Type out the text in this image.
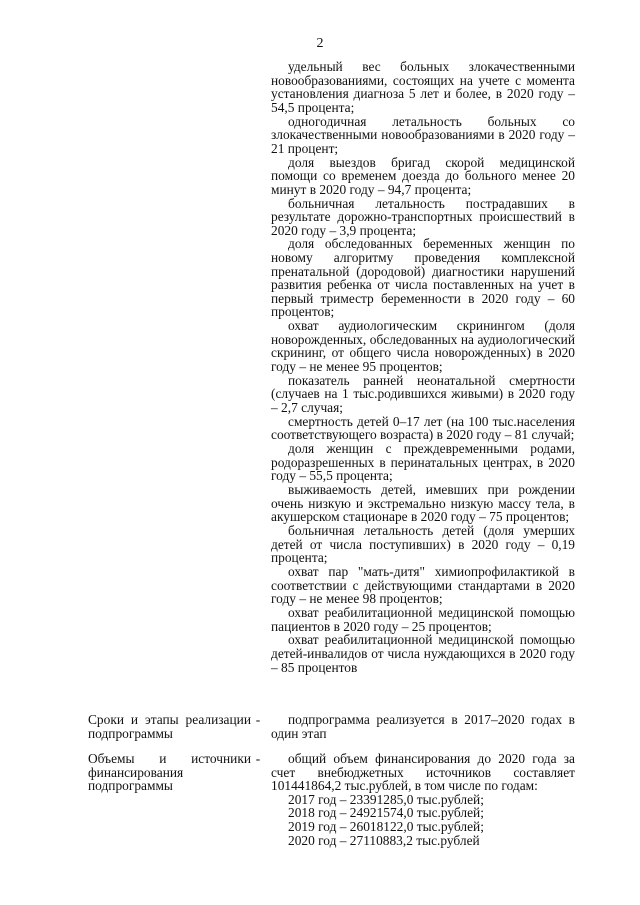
2

удельный вес больных злокачественными новообразованиями, состоящих на учете с момента установления диагноза 5 лет и более, в 2020 году – 54,5 процента;

одногодичная летальность больных со злокачественными новообразованиями в 2020 году – 21 процент;

доля выездов бригад скорой медицинской помощи со временем доезда до больного менее 20 минут в 2020 году – 94,7 процента;

больничная летальность пострадавших в результате дорожно-транспортных происшествий в 2020 году – 3,9 процента;

доля обследованных беременных женщин по новому алгоритму проведения комплексной пренатальной (дородовой) диагностики нарушений развития ребенка от числа поставленных на учет в первый триместр беременности в 2020 году – 60 процентов;

охват аудиологическим скринингом (доля новорожденных, обследованных на аудиологический скрининг, от общего числа новорожденных) в 2020 году – не менее 95 процентов;

показатель ранней неонатальной смертности (случаев на 1 тыс.родившихся живыми) в 2020 году – 2,7 случая;

смертность детей 0–17 лет (на 100 тыс.населения соответствующего возраста) в 2020 году – 81 случай;

доля женщин с преждевременными родами, родоразрешенных в перинатальных центрах, в 2020 году – 55,5 процента;

выживаемость детей, имевших при рождении очень низкую и экстремально низкую массу тела, в акушерском стационаре в 2020 году – 75 процентов;

больничная летальность детей (доля умерших детей от числа поступивших) в 2020 году – 0,19 процента;

охват пар "мать-дитя" химиопрофилактикой в соответствии с действующими стандартами в 2020 году – не менее 98 процентов;

охват реабилитационной медицинской помощью пациентов в 2020 году – 25 процентов;

охват реабилитационной медицинской помощью детей-инвалидов от числа нуждающихся в 2020 году – 85 процентов

Сроки и этапы реализации подпрограммы
-	подпрограмма реализуется в 2017–2020 годах в один этап

Объемы и источники финансирования подпрограммы
-	общий объем финансирования до 2020 года за счет внебюджетных источников составляет 101441864,2 тыс.рублей, в том числе по годам:

2017 год – 23391285,0 тыс.рублей;
2018 год – 24921574,0 тыс.рублей;
2019 год – 26018122,0 тыс.рублей;
2020 год – 27110883,2 тыс.рублей
